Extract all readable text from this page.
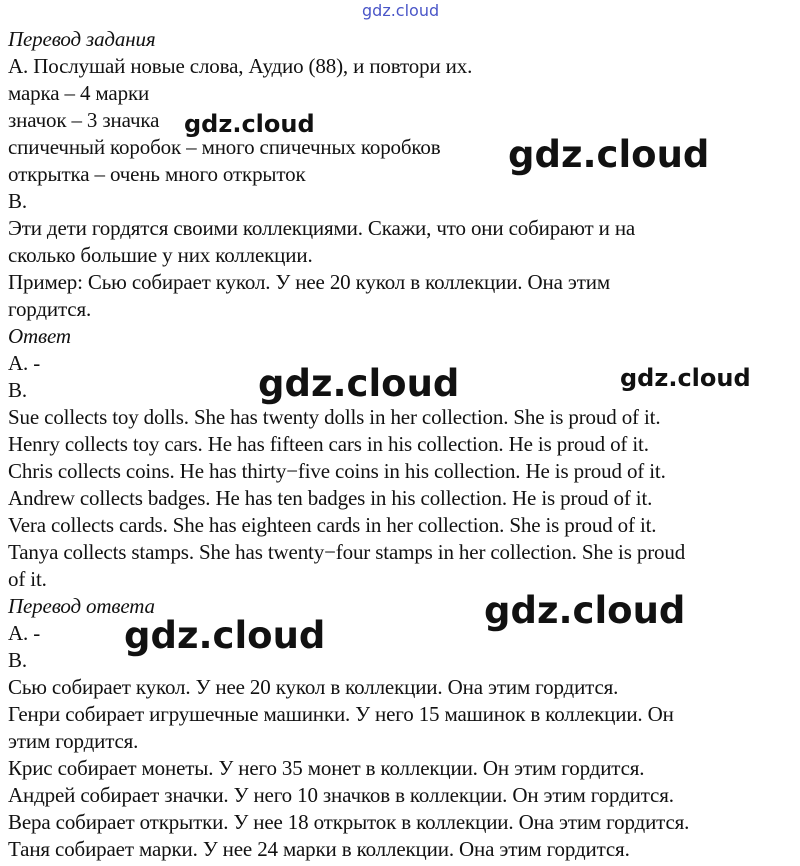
gdz.cloud
gdz.cloud
gdz.cloud
gdz.cloud	gdz.cloud
gdz.cloud
gdz.cloud
Перевод задания
А. Послушай новые слова, Аудио (88), и повтори их.
марка – 4 марки
значок – 3 значка
спичечный коробок – много спичечных коробков
открытка – очень много открыток
В.
Эти дети гордятся своими коллекциями. Скажи, что они собирают и на
сколько большие у них коллекции.
Пример: Сью собирает кукол. У нее 20 кукол в коллекции. Она этим
гордится.
Ответ
A. -
B.
Sue collects toy dolls. She has twenty dolls in her collection. She is proud of it.
Henry collects toy cars. He has fifteen cars in his collection. He is proud of it.
Chris collects coins. He has thirty−five coins in his collection. He is proud of it.
Andrew collects badges. He has ten badges in his collection. He is proud of it.
Vera collects cards. She has eighteen cards in her collection. She is proud of it.
Tanya collects stamps. She has twenty−four stamps in her collection. She is proud
of it.
Перевод ответа
А. -
В.
Сью собирает кукол. У нее 20 кукол в коллекции. Она этим гордится.
Генри собирает игрушечные машинки. У него 15 машинок в коллекции. Он
этим гордится.
Крис собирает монеты. У него 35 монет в коллекции. Он этим гордится.
Андрей собирает значки. У него 10 значков в коллекции. Он этим гордится.
Вера собирает открытки. У нее 18 открыток в коллекции. Она этим гордится.
Таня собирает марки. У нее 24 марки в коллекции. Она этим гордится.
